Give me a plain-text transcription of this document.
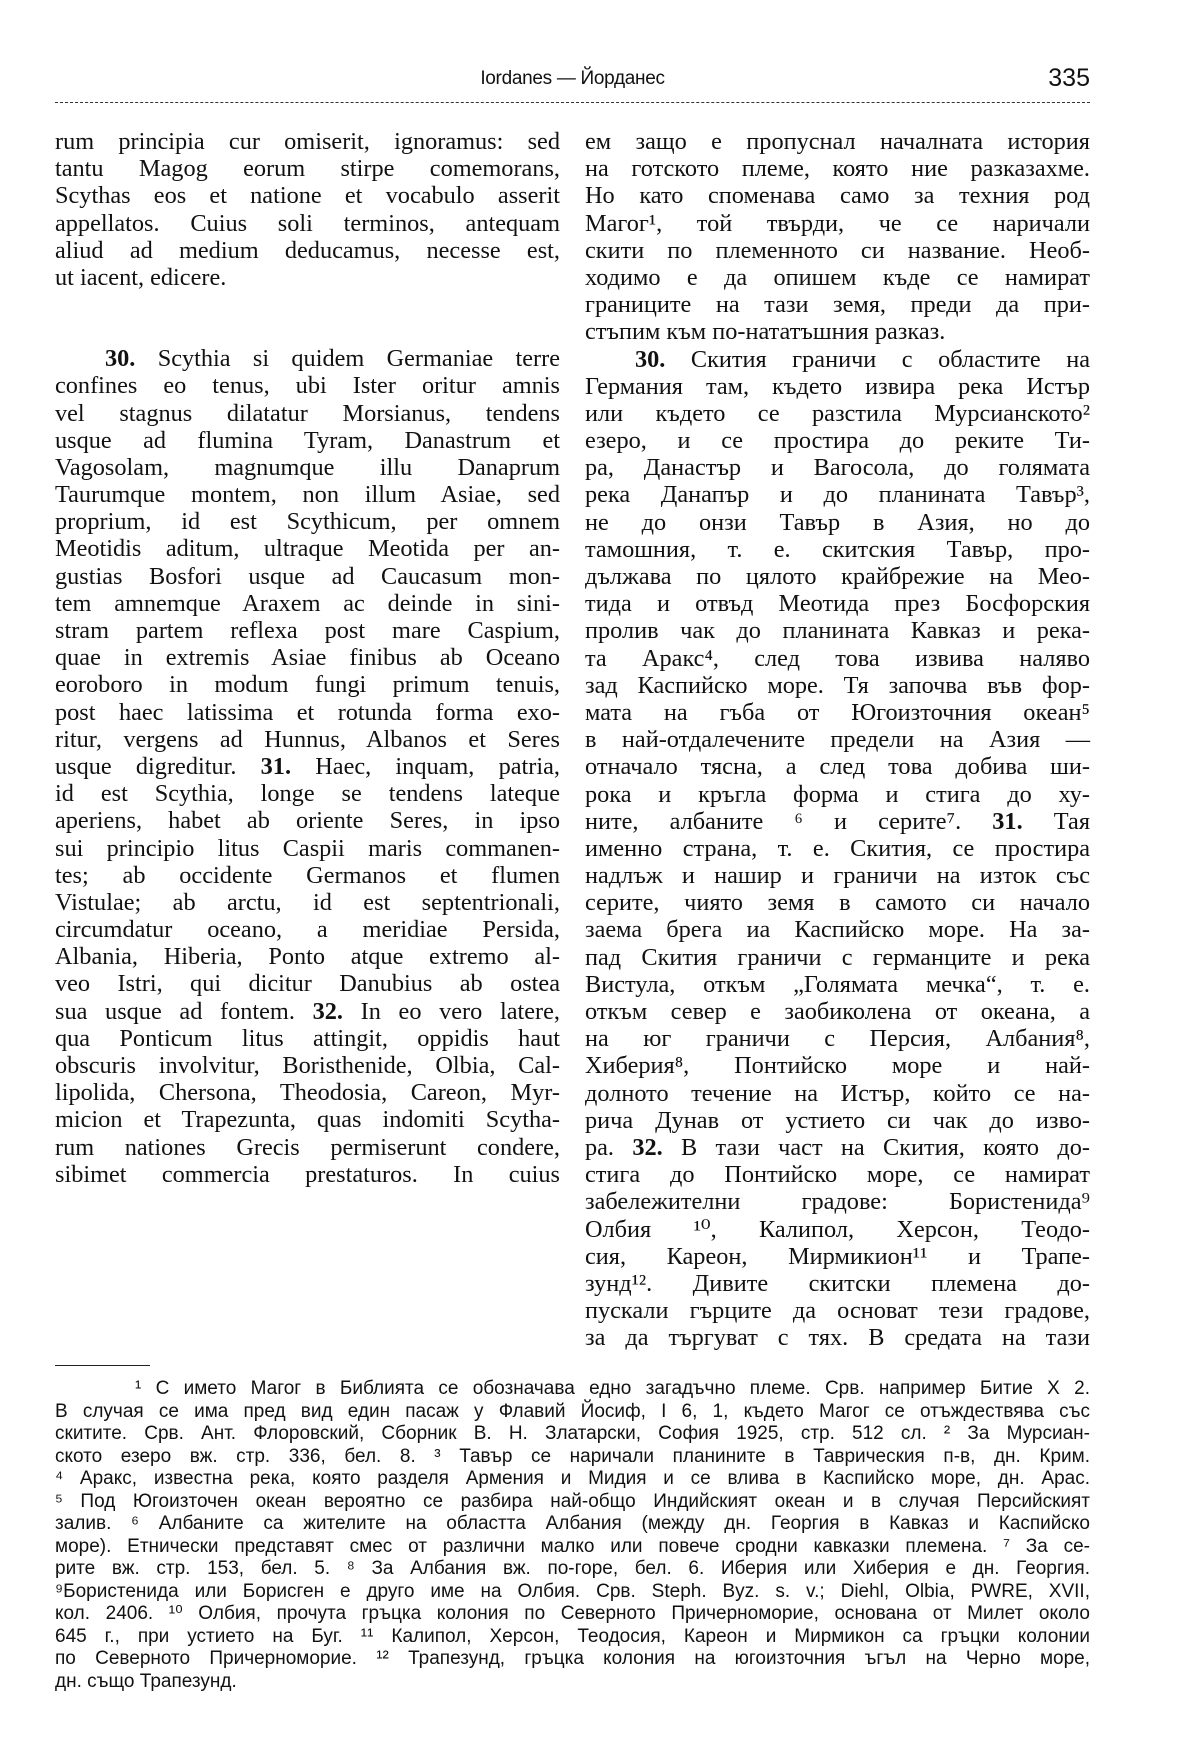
Iordanes — Йорданес	335
rum principia cur omiserit, ignoramus: sed
tantu Magog eorum stirpe comemorans,
Scythas eos et natione et vocabulo asserit
appellatos. Cuius soli terminos, antequam
aliud ad medium deducamus, necesse est,
ut iacent, edicere.
30. Scythia si quidem Germaniae terre
confines eo tenus, ubi Ister oritur amnis
vel stagnus dilatatur Morsianus, tendens
usque ad flumina Tyram, Danastrum et
Vagosolam, magnumque illu Danaprum
Taurumque montem, non illum Asiae, sed
proprium, id est Scythicum, per omnem
Meotidis aditum, ultraque Meotida per an-
gustias Bosfori usque ad Caucasum mon-
tem amnemque Araxem ac deinde in sini-
stram partem reflexa post mare Caspium,
quae in extremis Asiae finibus ab Oceano
eoroboro in modum fungi primum tenuis,
post haec latissima et rotunda forma exo-
ritur, vergens ad Hunnus, Albanos et Seres
usque digreditur. 31. Haec, inquam, patria,
id est Scythia, longe se tendens lateque
aperiens, habet ab oriente Seres, in ipso
sui principio litus Caspii maris commanen-
tes; ab occidente Germanos et flumen
Vistulae; ab arctu, id est septentrionali,
circumdatur oceano, a meridiae Persida,
Albania, Hiberia, Ponto atque extremo al-
veo Istri, qui dicitur Danubius ab ostea
sua usque ad fontem. 32. In eo vero latere,
qua Ponticum litus attingit, oppidis haut
obscuris involvitur, Boristhenide, Olbia, Cal-
lipolida, Chersona, Theodosia, Careon, Myr-
micion et Trapezunta, quas indomiti Scytha-
rum nationes Grecis permiserunt condere,
sibimet commercia prestaturos. In cuius
ем защо е пропуснал началната история
на готското племе, която ние разказахме.
Но като споменава само за техния род
Магог¹, той твърди, че се наричали
скити по племенното си название. Необ-
ходимо е да опишем къде се намират
границите на тази земя, преди да при-
стъпим към по-нататъшния разказ.
30. Скития граничи с областите на
Германия там, където извира река Истър
или където се разстила Мурсианското²
езеро, и се простира до реките Ти-
ра, Данастър и Вагосола, до голямата
река Данапър и до планината Тавър³,
не до онзи Тавър в Азия, но до
тамошния, т. е. скитския Тавър, про-
дължава по цялото крайбрежие на Мео-
тида и отвъд Меотида през Босфорския
пролив чак до планината Кавказ и река-
та Аракс⁴, след това извива наляво
зад Каспийско море. Тя започва във фор-
мата на гъба от Югоизточния океан⁵
в най-отдалечените предели на Азия —
отначало тясна, а след това добива ши-
рока и кръгла форма и стига до ху-
ните, албаните ⁶ и серите⁷. 31. Тая
именно страна, т. е. Скития, се простира
надлъж и нашир и граничи на изток със
серите, чиято земя в самото си начало
заема брега иа Каспийско море. На за-
пад Скития граничи с германците и река
Вистула, откъм „Голямата мечка“, т. е.
откъм север е заобиколена от океана, а
на юг граничи с Персия, Албания⁸,
Хиберия⁸, Понтийско море и най-
долното течение на Истър, който се на-
рича Дунав от устието си чак до изво-
ра. 32. В тази част на Скития, която до-
стига до Понтийско море, се намират
забележителни градове: Бористенида⁹
Олбия ¹⁰, Калипол, Херсон, Теодо-
сия, Кареон, Мирмикион¹¹ и Трапе-
зунд¹². Дивите скитски племена до-
пускали гърците да основат тези градове,
за да търгуват с тях. В средата на тази
¹ С името Магог в Библията се обозначава едно загадъчно племе. Срв. например Битие X 2.
В случая се има пред вид един пасаж у Флавий Йосиф, I 6, 1, където Магог се отъждествява със
скитите. Срв. Ант. Флоровский, Сборник В. Н. Златарски, София 1925, стр. 512 сл. ² За Мурсиан-
ското езеро вж. стр. 336, бел. 8. ³ Тавър се наричали планините в Таврическия п-в, дн. Крим.
⁴ Аракс, известна река, която разделя Армения и Мидия и се влива в Каспийско море, дн. Арас.
⁵ Под Югоизточен океан вероятно се разбира най-общо Индийският океан и в случая Персийският
залив. ⁶ Албаните са жителите на областта Албания (между дн. Георгия в Кавказ и Каспийско
море). Етнически представят смес от различни малко или повече сродни кавказки племена. ⁷ За се-
рите вж. стр. 153, бел. 5. ⁸ За Албания вж. по-горе, бел. 6. Иберия или Хиберия е дн. Георгия.
⁹Бористенида или Борисген е друго име на Олбия. Срв. Steph. Byz. s. v.; Diehl, Olbia, PWRE, XVII,
кол. 2406. ¹⁰ Олбия, прочута гръцка колония по Северното Причерноморие, основана от Милет около
645 г., при устието на Буг. ¹¹ Калипол, Херсон, Теодосия, Кареон и Мирмикон са гръцки колонии
по Северното Причерноморие. ¹² Трапезунд, гръцка колония на югоизточния ъгъл на Черно море,
дн. също Трапезунд.
